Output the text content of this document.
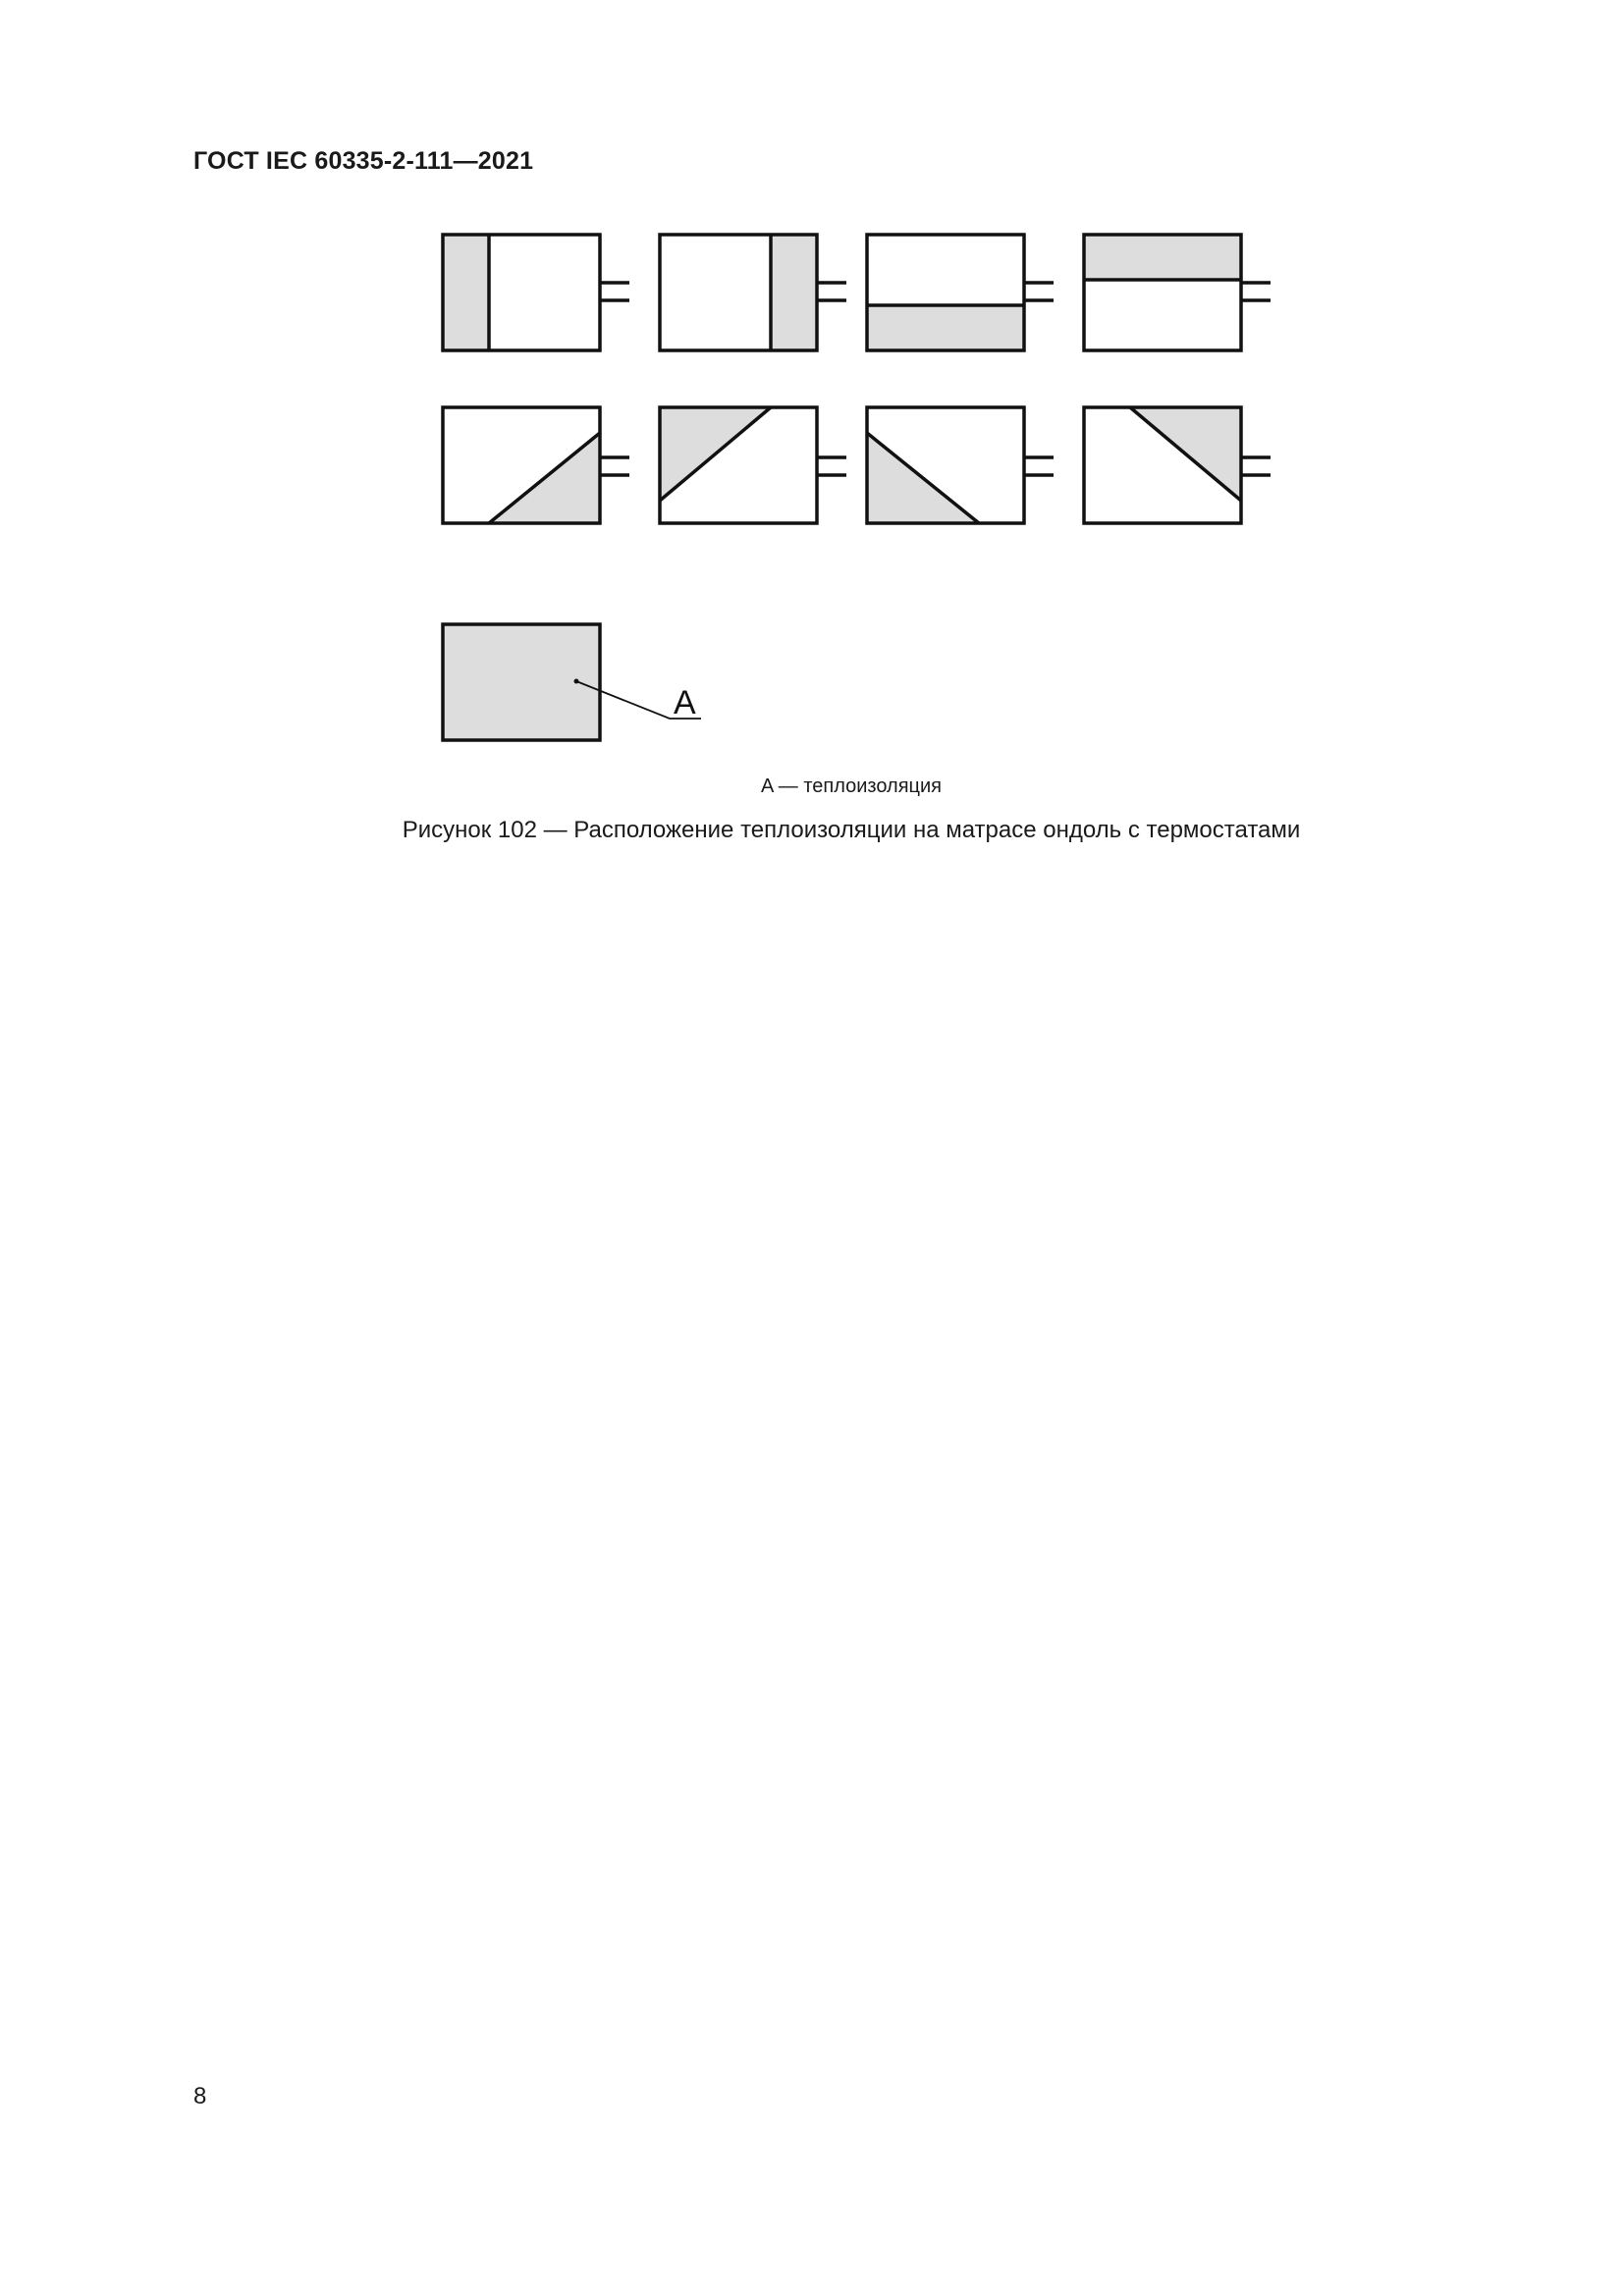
ГОСТ IEC 60335-2-111—2021
A
A — теплоизоляция
Рисунок 102 — Расположение теплоизоляции на матрасе ондоль с термостатами
8
